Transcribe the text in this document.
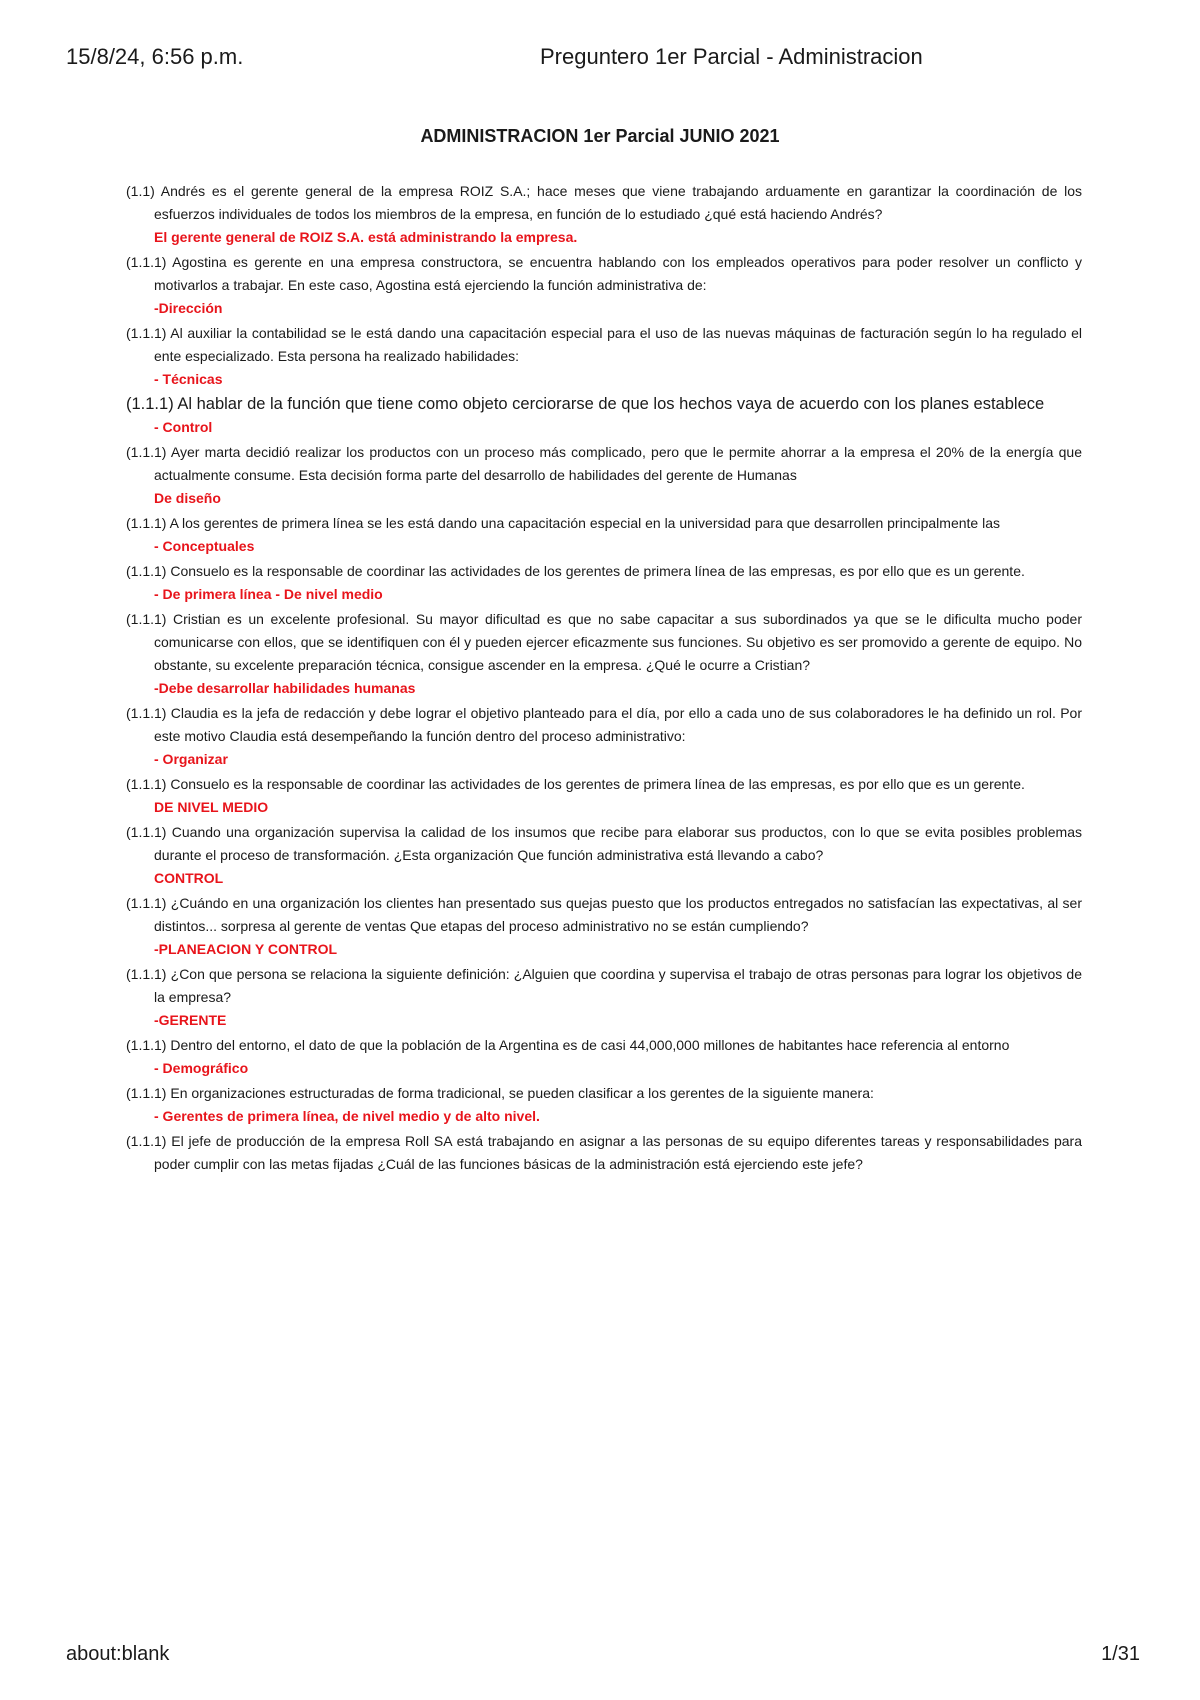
15/8/24, 6:56 p.m.	Preguntero 1er Parcial - Administracion
ADMINISTRACION 1er Parcial JUNIO 2021

(1.1) Andrés es el gerente general de la empresa ROIZ S.A.; hace meses que viene trabajando arduamente en garantizar la coordinación de los esfuerzos individuales de todos los miembros de la empresa, en función de lo estudiado ¿qué está haciendo Andrés?

El gerente general de ROIZ S.A. está administrando la empresa.

(1.1.1) Agostina es gerente en una empresa constructora, se encuentra hablando con los empleados operativos para poder resolver un conflicto y motivarlos a trabajar. En este caso, Agostina está ejerciendo la función administrativa de:

-Dirección

(1.1.1) Al auxiliar la contabilidad se le está dando una capacitación especial para el uso de las nuevas máquinas de facturación según lo ha regulado el ente especializado. Esta persona ha realizado habilidades:

- Técnicas

(1.1.1) Al hablar de la función que tiene como objeto cerciorarse de que los hechos vaya de acuerdo con los planes establece

- Control

(1.1.1) Ayer marta decidió realizar los productos con un proceso más complicado, pero que le permite ahorrar a la empresa el 20% de la energía que actualmente consume. Esta decisión forma parte del desarrollo de habilidades del gerente de Humanas

De diseño

(1.1.1) A los gerentes de primera línea se les está dando una capacitación especial en la universidad para que desarrollen principalmente las

- Conceptuales

(1.1.1) Consuelo es la responsable de coordinar las actividades de los gerentes de primera línea de las empresas, es por ello que es un gerente.

- De primera línea - De nivel medio

(1.1.1) Cristian es un excelente profesional. Su mayor dificultad es que no sabe capacitar a sus subordinados ya que se le dificulta mucho poder comunicarse con ellos, que se identifiquen con él y pueden ejercer eficazmente sus funciones. Su objetivo es ser promovido a gerente de equipo. No obstante, su excelente preparación técnica, consigue ascender en la empresa. ¿Qué le ocurre a Cristian?

-Debe desarrollar habilidades humanas

(1.1.1) Claudia es la jefa de redacción y debe lograr el objetivo planteado para el día, por ello a cada uno de sus colaboradores le ha definido un rol. Por este motivo Claudia está desempeñando la función dentro del proceso administrativo:

- Organizar

(1.1.1) Consuelo es la responsable de coordinar las actividades de los gerentes de primera línea de las empresas, es por ello que es un gerente.

DE NIVEL MEDIO

(1.1.1) Cuando una organización supervisa la calidad de los insumos que recibe para elaborar sus productos, con lo que se evita posibles problemas durante el proceso de transformación. ¿Esta organización Que función administrativa está llevando a cabo?

CONTROL

(1.1.1) ¿Cuándo en una organización los clientes han presentado sus quejas puesto que los productos entregados no satisfacían las expectativas, al ser distintos... sorpresa al gerente de ventas Que etapas del proceso administrativo no se están cumpliendo?

-PLANEACION Y CONTROL

(1.1.1) ¿Con que persona se relaciona la siguiente definición: ¿Alguien que coordina y supervisa el trabajo de otras personas para lograr los objetivos de la empresa?

-GERENTE

(1.1.1) Dentro del entorno, el dato de que la población de la Argentina es de casi 44,000,000 millones de habitantes hace referencia al entorno

- Demográfico

(1.1.1) En organizaciones estructuradas de forma tradicional, se pueden clasificar a los gerentes de la siguiente manera:

- Gerentes de primera línea, de nivel medio y de alto nivel.

(1.1.1) El jefe de producción de la empresa Roll SA está trabajando en asignar a las personas de su equipo diferentes tareas y responsabilidades para poder cumplir con las metas fijadas ¿Cuál de las funciones básicas de la administración está ejerciendo este jefe?

about:blank	1/31
